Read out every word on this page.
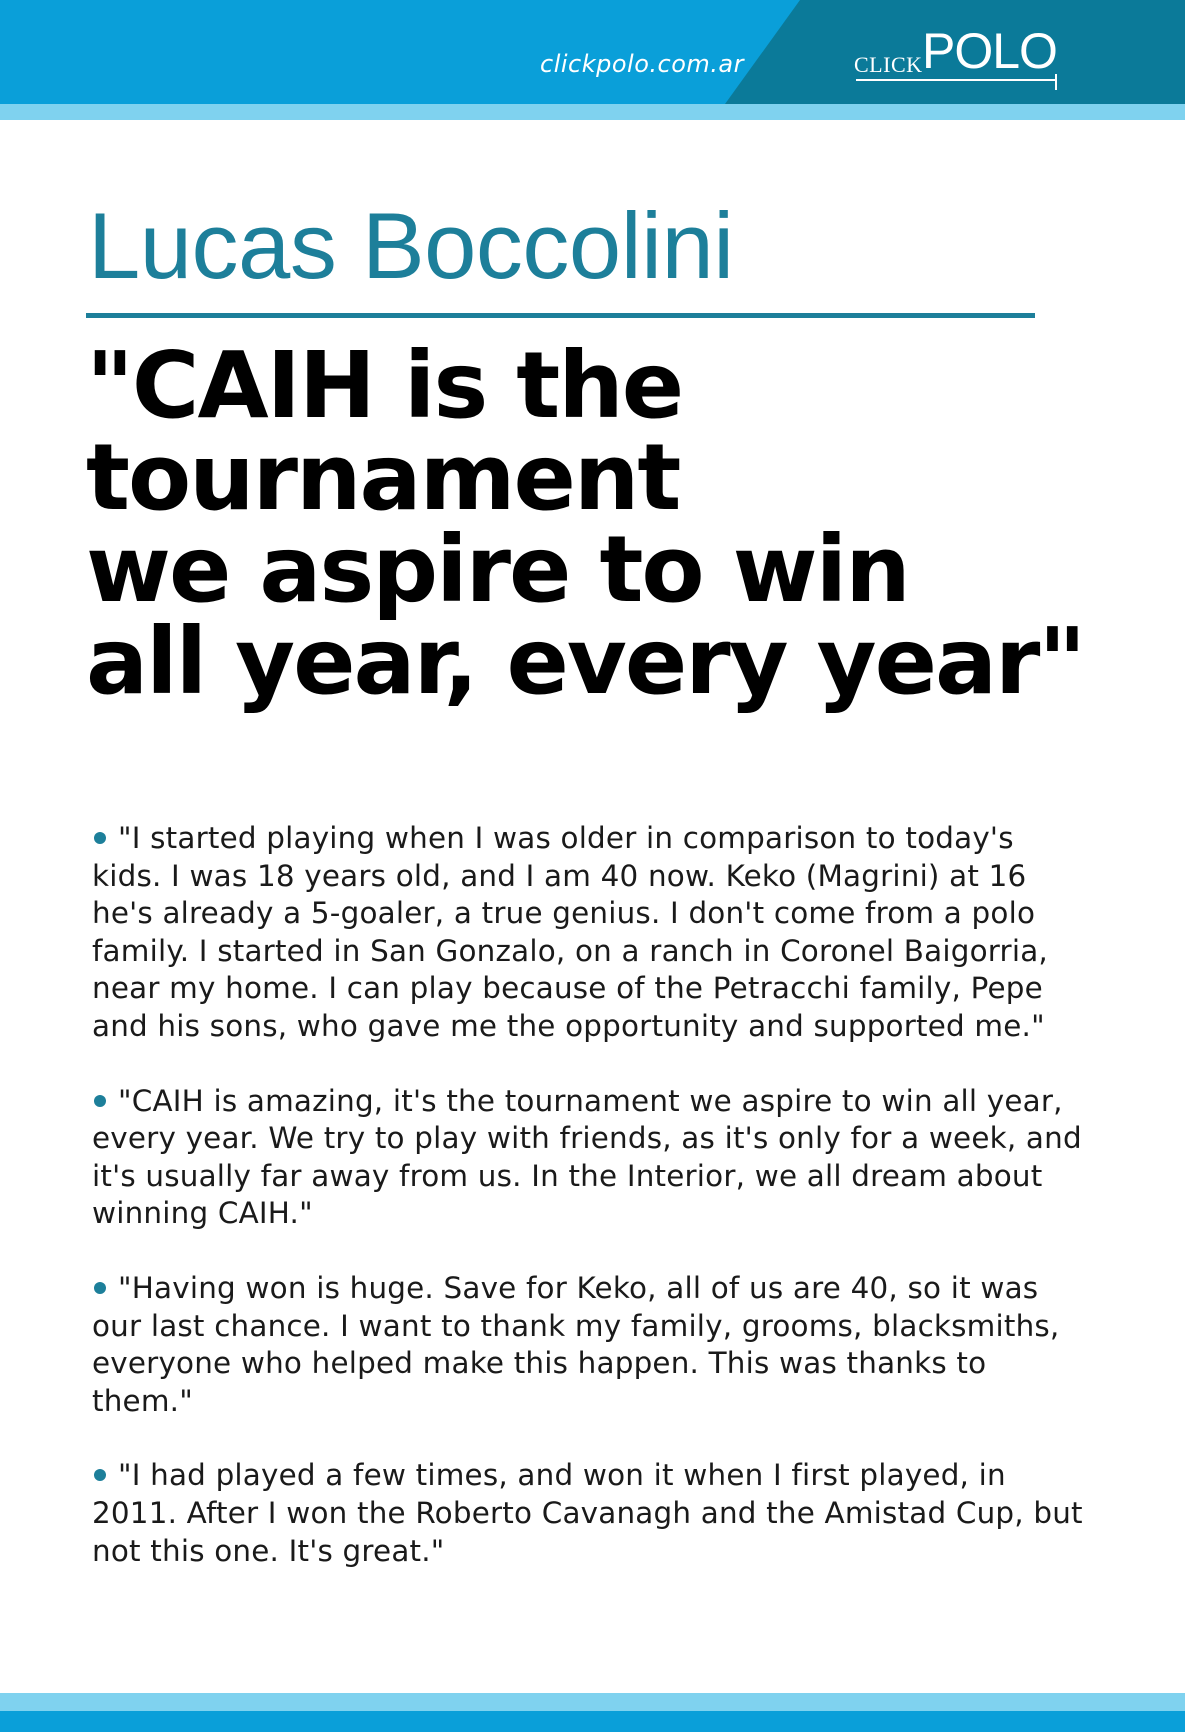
clickpolo.com.ar	CLICK POLO
Lucas Boccolini
"CAIH is the
tournament
we aspire to win
all year, every year"
"I started playing when I was older in comparison to today's kids. I was 18 years old, and I am 40 now. Keko (Magrini) at 16 he's already a 5-goaler, a true genius. I don't come from a polo family. I started in San Gonzalo, on a ranch in Coronel Baigorria, near my home. I can play because of the Petracchi family, Pepe and his sons, who gave me the opportunity and supported me."
"CAIH is amazing, it's the tournament we aspire to win all year, every year. We try to play with friends, as it's only for a week, and it's usually far away from us. In the Interior, we all dream about winning CAIH."
"Having won is huge. Save for Keko, all of us are 40, so it was our last chance. I want to thank my family, grooms, blacksmiths, everyone who helped make this happen. This was thanks to them."
"I had played a few times, and won it when I first played, in 2011. After I won the Roberto Cavanagh and the Amistad Cup, but not this one. It's great."
